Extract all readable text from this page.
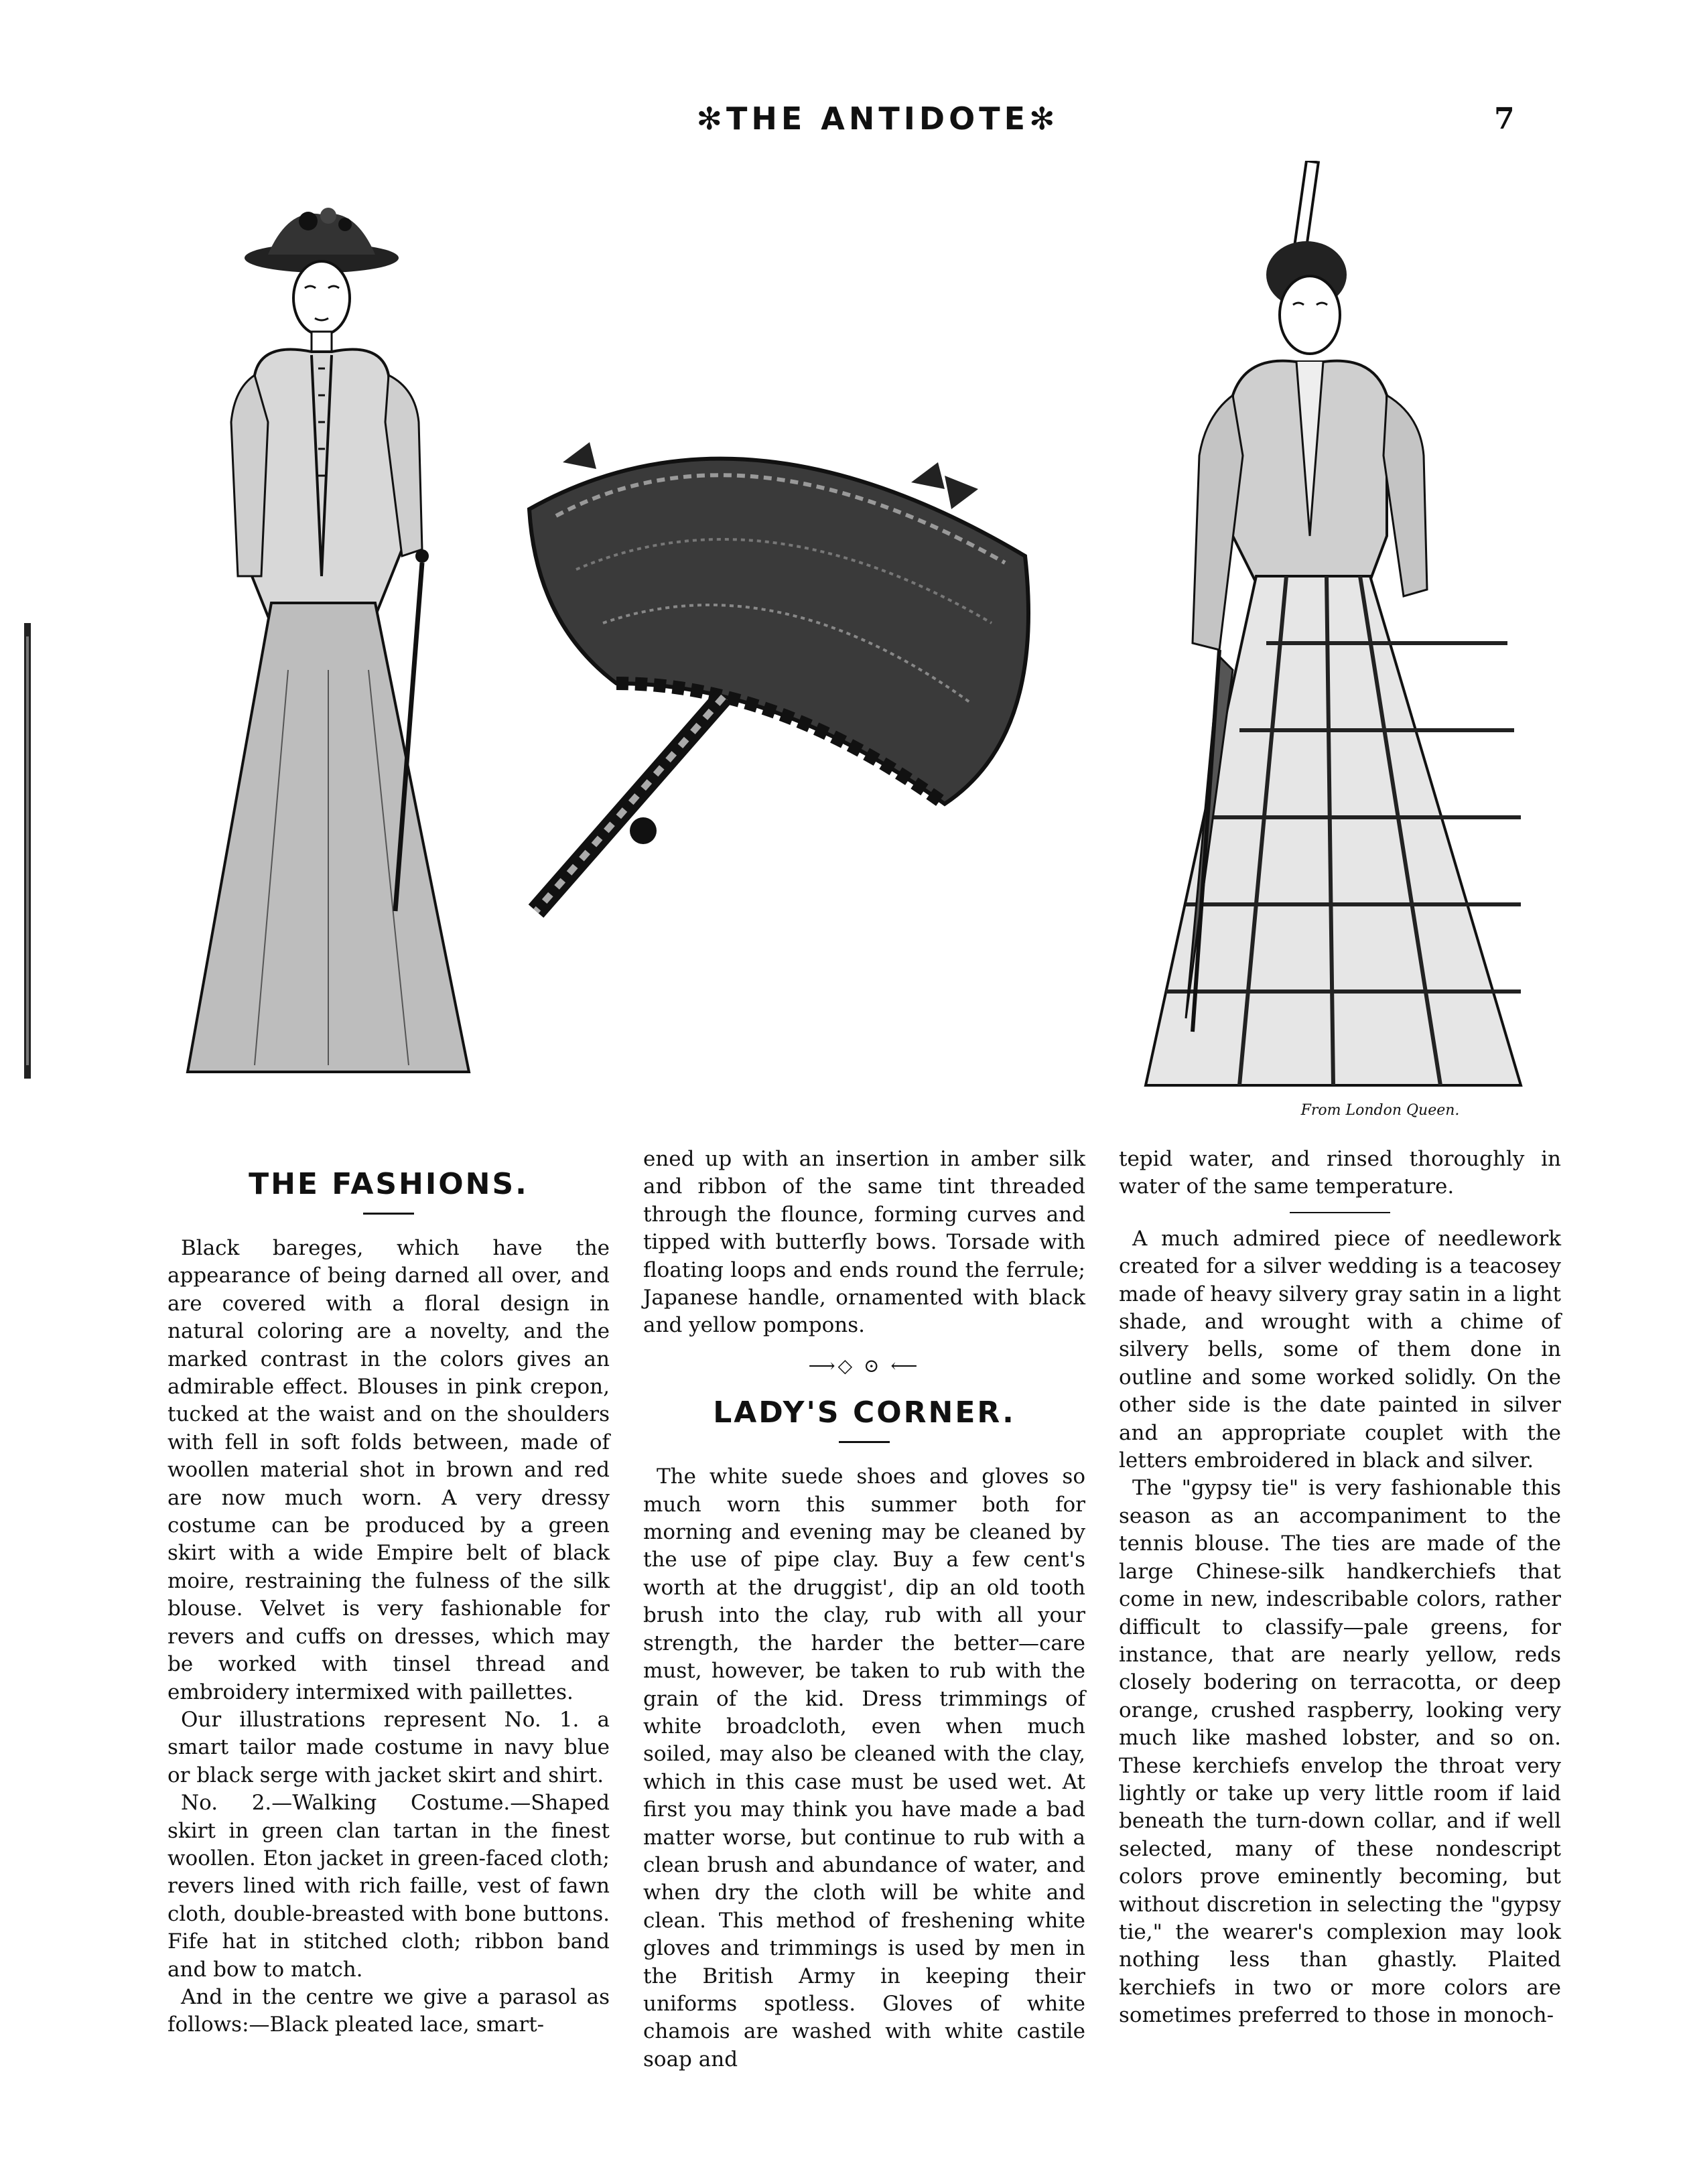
✻THE ANTIDOTE✻	7
From London Queen.
THE FASHIONS.

Black bareges, which have the appearance of being darned all over, and are covered with a floral design in natural coloring are a novelty, and the marked contrast in the colors gives an admirable effect. Blouses in pink crepon, tucked at the waist and on the shoulders with fell in soft folds between, made of woollen material shot in brown and red are now much worn. A very dressy costume can be produced by a green skirt with a wide Empire belt of black moire, restraining the fulness of the silk blouse. Velvet is very fashionable for revers and cuffs on dresses, which may be worked with tinsel thread and embroidery intermixed with paillettes.

Our illustrations represent No. 1. a smart tailor made costume in navy blue or black serge with jacket skirt and shirt.

No. 2.—Walking Costume.—Shaped skirt in green clan tartan in the finest woollen. Eton jacket in green-faced cloth; revers lined with rich faille, vest of fawn cloth, double-breasted with bone buttons. Fife hat in stitched cloth; ribbon band and bow to match.

And in the centre we give a parasol as follows:—Black pleated lace, smart-

ened up with an insertion in amber silk and ribbon of the same tint threaded through the flounce, forming curves and tipped with butterfly bows. Torsade with floating loops and ends round the ferrule; Japanese handle, ornamented with black and yellow pompons.

⟶◇ ⊙ ⟵
LADY'S CORNER.

The white suede shoes and gloves so much worn this summer both for morning and evening may be cleaned by the use of pipe clay. Buy a few cent's worth at the druggist', dip an old tooth brush into the clay, rub with all your strength, the harder the better—care must, however, be taken to rub with the grain of the kid. Dress trimmings of white broadcloth, even when much soiled, may also be cleaned with the clay, which in this case must be used wet. At first you may think you have made a bad matter worse, but continue to rub with a clean brush and abundance of water, and when dry the cloth will be white and clean. This method of freshening white gloves and trimmings is used by men in the British Army in keeping their uniforms spotless. Gloves of white chamois are washed with white castile soap and

tepid water, and rinsed thoroughly in water of the same temperature.

A much admired piece of needlework created for a silver wedding is a teacosey made of heavy silvery gray satin in a light shade, and wrought with a chime of silvery bells, some of them done in outline and some worked solidly. On the other side is the date painted in silver and an appropriate couplet with the letters embroidered in black and silver.

The "gypsy tie" is very fashionable this season as an accompaniment to the tennis blouse. The ties are made of the large Chinese-silk handkerchiefs that come in new, indescribable colors, rather difficult to classify—pale greens, for instance, that are nearly yellow, reds closely bodering on terracotta, or deep orange, crushed raspberry, looking very much like mashed lobster, and so on. These kerchiefs envelop the throat very lightly or take up very little room if laid beneath the turn-down collar, and if well selected, many of these nondescript colors prove eminently becoming, but without discretion in selecting the "gypsy tie," the wearer's complexion may look nothing less than ghastly. Plaited kerchiefs in two or more colors are sometimes preferred to those in monoch-
